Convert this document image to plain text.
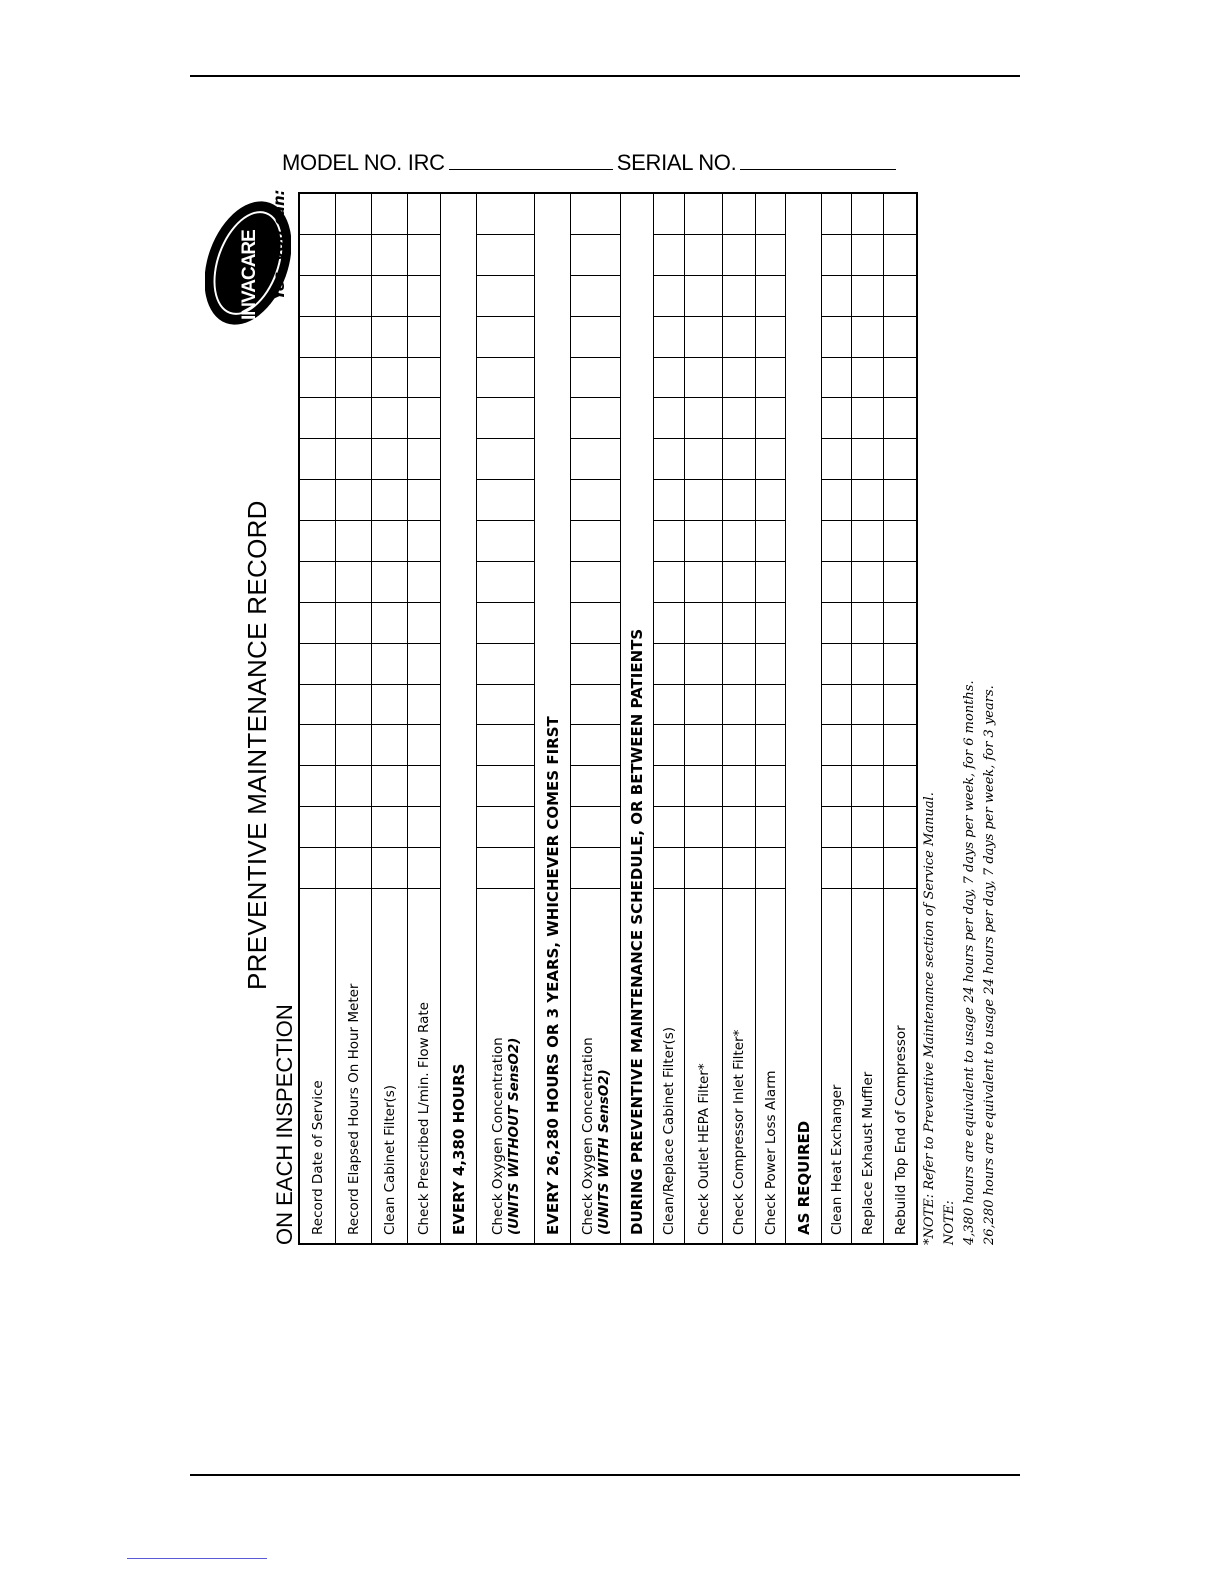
MODEL NO. IRC	SERIAL NO.
INVACARE Yes, you can:
PREVENTIVE MAINTENANCE RECORD
ON EACH INSPECTION Record Date of Service Record Elapsed Hours On Hour Meter Clean Cabinet Filter(s) Check Prescribed L/min. Flow Rate EVERY 4,380 HOURS Check Oxygen Concentration (UNITS WITHOUT SensO2) EVERY 26,280 HOURS OR 3 YEARS, WHICHEVER COMES FIRST Check Oxygen Concentration (UNITS WITH SensO2) DURING PREVENTIVE MAINTENANCE SCHEDULE, OR BETWEEN PATIENTS Clean/Replace Cabinet Filter(s) Check Outlet HEPA Filter* Check Compressor Inlet Filter* Check Power Loss Alarm AS REQUIRED Clean Heat Exchanger Replace Exhaust Muffler Rebuild Top End of Compressor *NOTE: Refer to Preventive Maintenance section of Service Manual. NOTE: 4,380 hours are equivalent to usage 24 hours per day, 7 days per week, for 6 months. 26,280 hours are equivalent to usage 24 hours per day, 7 days per week, for 3 years.
